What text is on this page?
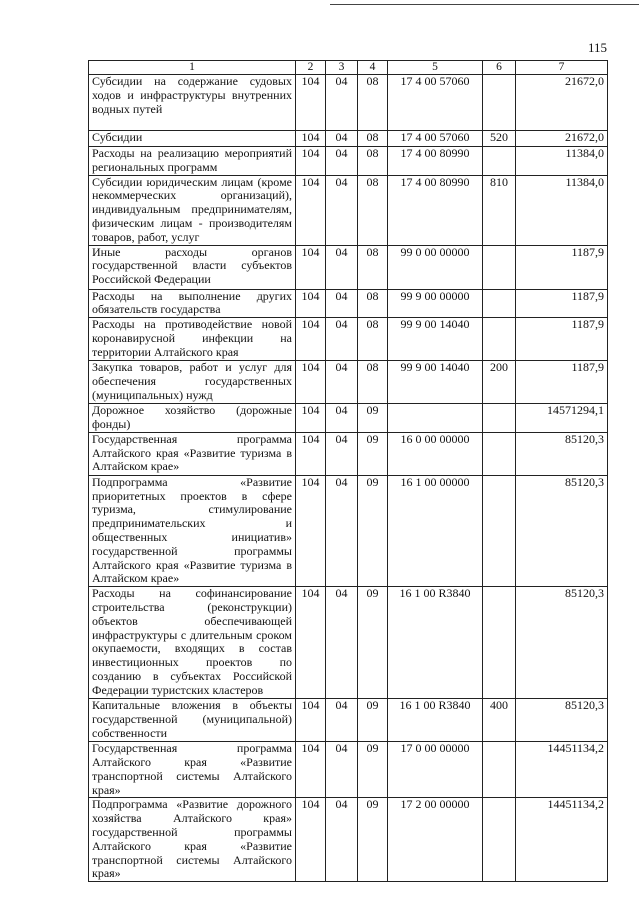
115
1	2	3	4	5	6	7
Субсидии на содержание судовых ходов и инфраструктуры внутренних водных путей	104	04	08	17 4 00 57060		21672,0
Субсидии	104	04	08	17 4 00 57060	520	21672,0
Расходы на реализацию мероприятий региональных программ	104	04	08	17 4 00 80990		11384,0
Субсидии юридическим лицам (кроме некоммерческих организаций), индивидуальным предпринимателям, физическим лицам - производителям товаров, работ, услуг	104	04	08	17 4 00 80990	810	11384,0
Иные расходы органов государственной власти субъектов Российской Федерации	104	04	08	99 0 00 00000		1187,9
Расходы на выполнение других обязательств государства	104	04	08	99 9 00 00000		1187,9
Расходы на противодействие новой коронавирусной инфекции на территории Алтайского края	104	04	08	99 9 00 14040		1187,9
Закупка товаров, работ и услуг для обеспечения государственных (муниципальных) нужд	104	04	08	99 9 00 14040	200	1187,9
Дорожное хозяйство (дорожные фонды)	104	04	09			14571294,1
Государственная программа Алтайского края «Развитие туризма в Алтайском крае»	104	04	09	16 0 00 00000		85120,3
Подпрограмма «Развитие приоритетных проектов в сфере туризма, стимулирование предпринимательских и общественных инициатив» государственной программы Алтайского края «Развитие туризма в Алтайском крае»	104	04	09	16 1 00 00000		85120,3
Расходы на софинансирование строительства (реконструкции) объектов обеспечивающей инфраструктуры с длительным сроком окупаемости, входящих в состав инвестиционных проектов по созданию в субъектах Российской Федерации туристских кластеров	104	04	09	16 1 00 R3840		85120,3
Капитальные вложения в объекты государственной (муниципальной) собственности	104	04	09	16 1 00 R3840	400	85120,3
Государственная программа Алтайского края «Развитие транспортной системы Алтайского края»	104	04	09	17 0 00 00000		14451134,2
Подпрограмма «Развитие дорожного хозяйства Алтайского края» государственной программы Алтайского края «Развитие транспортной системы Алтайского края»	104	04	09	17 2 00 00000		14451134,2
